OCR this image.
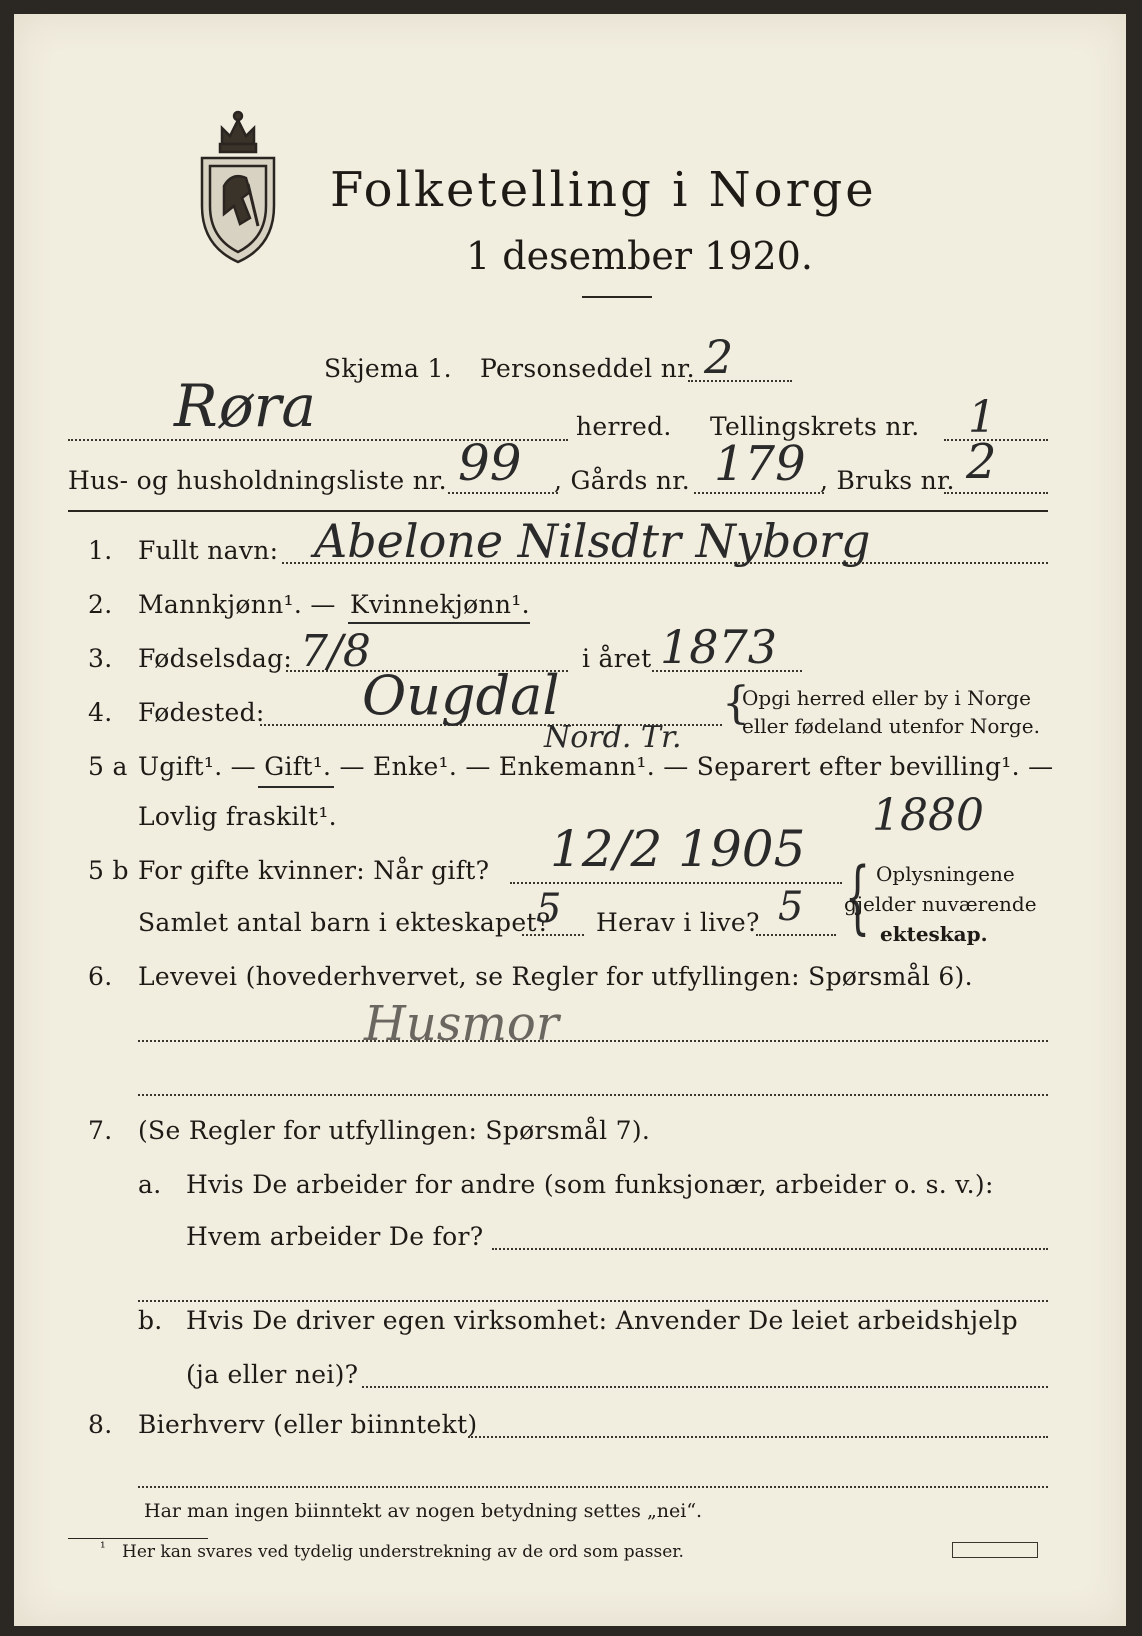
Folketelling i Norge
1 desember 1920.
Skjema 1. Personseddel nr. 2
Røra	herred. Tellingskrets nr. 1
Hus- og husholdningsliste nr. 99 , Gårds nr. 179 , Bruks nr. 2
1. Fullt navn: Abelone Nilsdtr Nyborg
2. Mannkjønn¹. — Kvinnekjønn¹.
3. Fødselsdag: 7/8	i året 1873
4. Fødested: Ougdal
Nord. Tr.
{
Opgi herred eller by i Norge
eller fødeland utenfor Norge.
5 a Ugift¹. — Gift¹. — Enke¹. — Enkemann¹. — Separert efter bevilling¹. —
Lovlig fraskilt¹.
5 b For gifte kvinner: Når gift? 12/2 1905
1880
Samlet antal barn i ekteskapet?
5 Herav i live? 5 { Oplysningene
gjelder nuværende
ekteskap.
6. Levevei (hovederhvervet, se Regler for utfyllingen: Spørsmål 6).
Husmor
7. (Se Regler for utfyllingen: Spørsmål 7).
a. Hvis De arbeider for andre (som funksjonær, arbeider o. s. v.):
Hvem arbeider De for?
b. Hvis De driver egen virksomhet: Anvender De leiet arbeidshjelp
(ja eller nei)?
8. Bierhverv (eller biinntekt)
Har man ingen biinntekt av nogen betydning settes „nei“.
¹ Her kan svares ved tydelig understrekning av de ord som passer.
